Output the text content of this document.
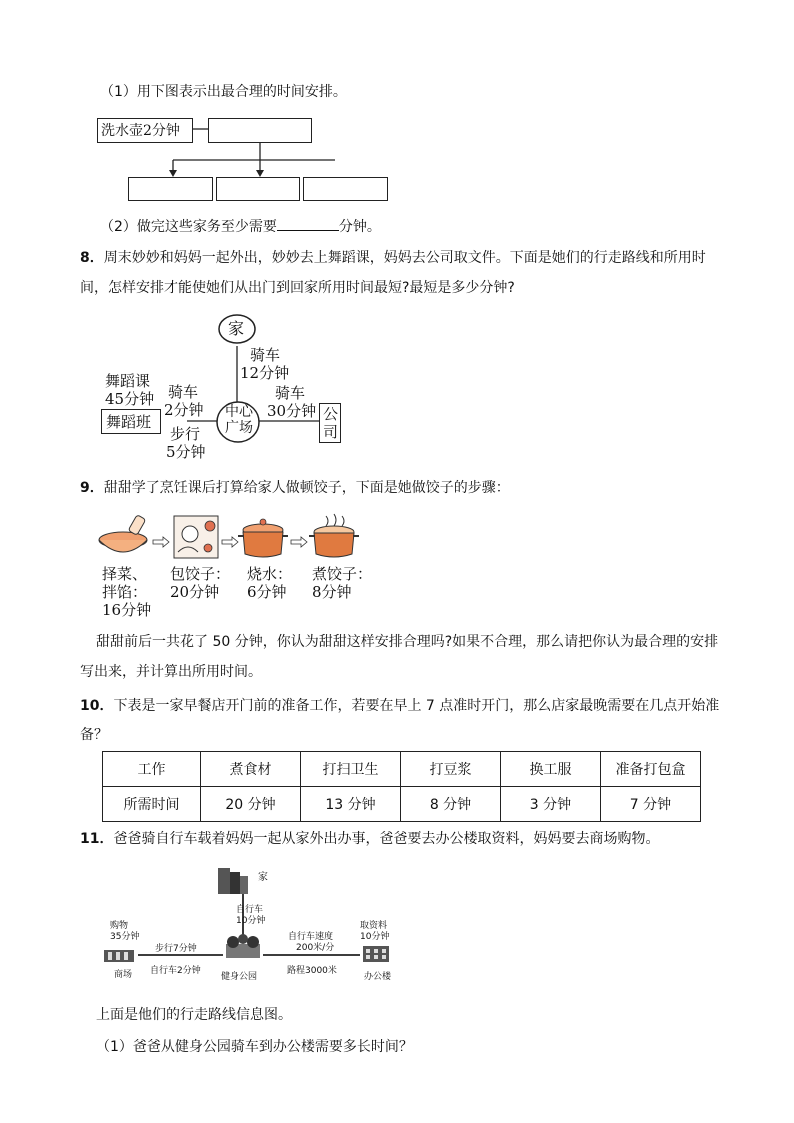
（1）用下图表示出最合理的时间安排。
洗水壶2分钟
（2）做完这些家务至少需要	分钟。
8．周末妙妙和妈妈一起外出，妙妙去上舞蹈课，妈妈去公司取文件。下面是她们的行走路线和所用时
间，怎样安排才能使她们从出门到回家所用时间最短?最短是多少分钟?
家
中心
广场
舞蹈班	公
司
骑车
12分钟
骑车
30分钟
舞蹈课
45分钟 骑车
2分钟
步行
5分钟
9．甜甜学了烹饪课后打算给家人做顿饺子，下面是她做饺子的步骤：
择菜、
拌馅：
16分钟
包饺子：
20分钟
烧水：
6分钟
煮饺子：
8分钟
甜甜前后一共花了 50 分钟，你认为甜甜这样安排合理吗?如果不合理，那么请把你认为最合理的安排
写出来，并计算出所用时间。
10．下表是一家早餐店开门前的准备工作，若要在早上 7 点准时开门，那么店家最晚需要在几点开始准
备？
工作	煮食材	打扫卫生	打豆浆	换工服	准备打包盒
所需时间	20 分钟	13 分钟	8 分钟	3 分钟	7 分钟
11．爸爸骑自行车载着妈妈一起从家外出办事，爸爸要去办公楼取资料，妈妈要去商场购物。
家
自行车
10分钟
购物
35分钟
取资料
10分钟
步行7分钟
自行车2分钟
自行车速度
200米/分
路程3000米
商场	健身公园	办公楼
上面是他们的行走路线信息图。
（1）爸爸从健身公园骑车到办公楼需要多长时间？
